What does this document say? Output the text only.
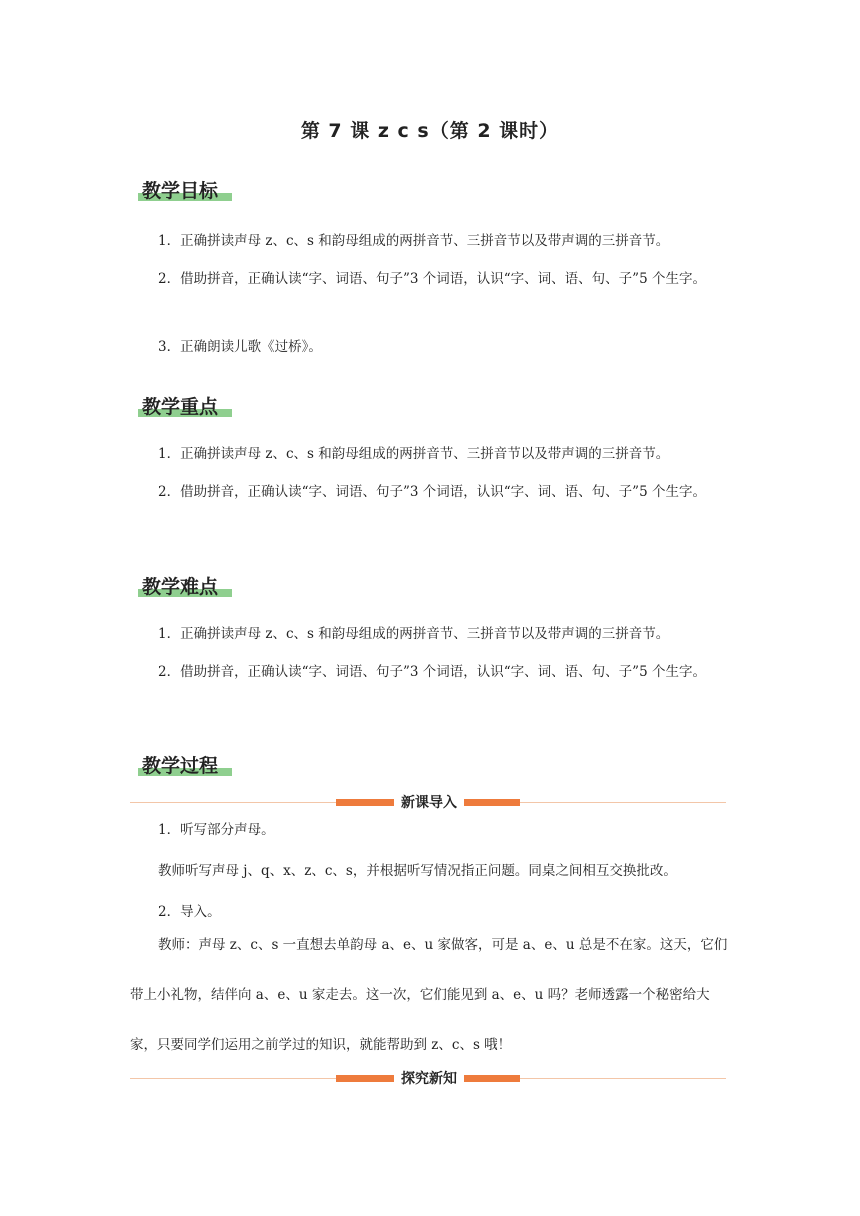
第 7 课 z c s（第 2 课时）
教学目标
1．正确拼读声母 z、c、s 和韵母组成的两拼音节、三拼音节以及带声调的三拼音节。
2．借助拼音，正确认读“字、词语、句子”3 个词语，认识“字、词、语、句、子”5 个生字。
3．正确朗读儿歌《过桥》。
教学重点
1．正确拼读声母 z、c、s 和韵母组成的两拼音节、三拼音节以及带声调的三拼音节。
2．借助拼音，正确认读“字、词语、句子”3 个词语，认识“字、词、语、句、子”5 个生字。
教学难点
1．正确拼读声母 z、c、s 和韵母组成的两拼音节、三拼音节以及带声调的三拼音节。
2．借助拼音，正确认读“字、词语、句子”3 个词语，认识“字、词、语、句、子”5 个生字。
教学过程
新课导入
1．听写部分声母。
教师听写声母 j、q、x、z、c、s，并根据听写情况指正问题。同桌之间相互交换批改。
2．导入。
教师：声母 z、c、s 一直想去单韵母 a、e、u 家做客，可是 a、e、u 总是不在家。这天，它们带上小礼物，结伴向 a、e、u 家走去。这一次，它们能见到 a、e、u 吗？老师透露一个秘密给大家，只要同学们运用之前学过的知识，就能帮助到 z、c、s 哦！
探究新知
